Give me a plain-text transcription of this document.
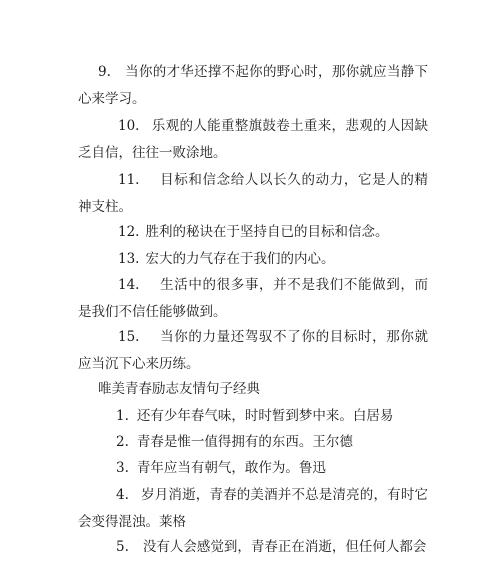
9. 当你的才华还撑不起你的野心时，那你就应当静下心来学习。

10. 乐观的人能重整旗鼓卷土重来，悲观的人因缺乏自信，往往一败涂地。

11. 目标和信念给人以长久的动力，它是人的精神支柱。

12. 胜利的秘诀在于坚持自已的目标和信念。

13. 宏大的力气存在于我们的内心。

14. 生活中的很多事，并不是我们不能做到，而是我们不信任能够做到。

15. 当你的力量还驾驭不了你的目标时，那你就应当沉下心来历练。

唯美青春励志友情句子经典

1. 还有少年春气味，时时暂到梦中来。白居易

2. 青春是惟一值得拥有的东西。王尔德

3. 青年应当有朝气，敢作为。鲁迅

4. 岁月消逝，青春的美酒并不总是清亮的，有时它会变得混浊。莱格

5. 没有人会感觉到，青春正在消逝，但任何人都会
